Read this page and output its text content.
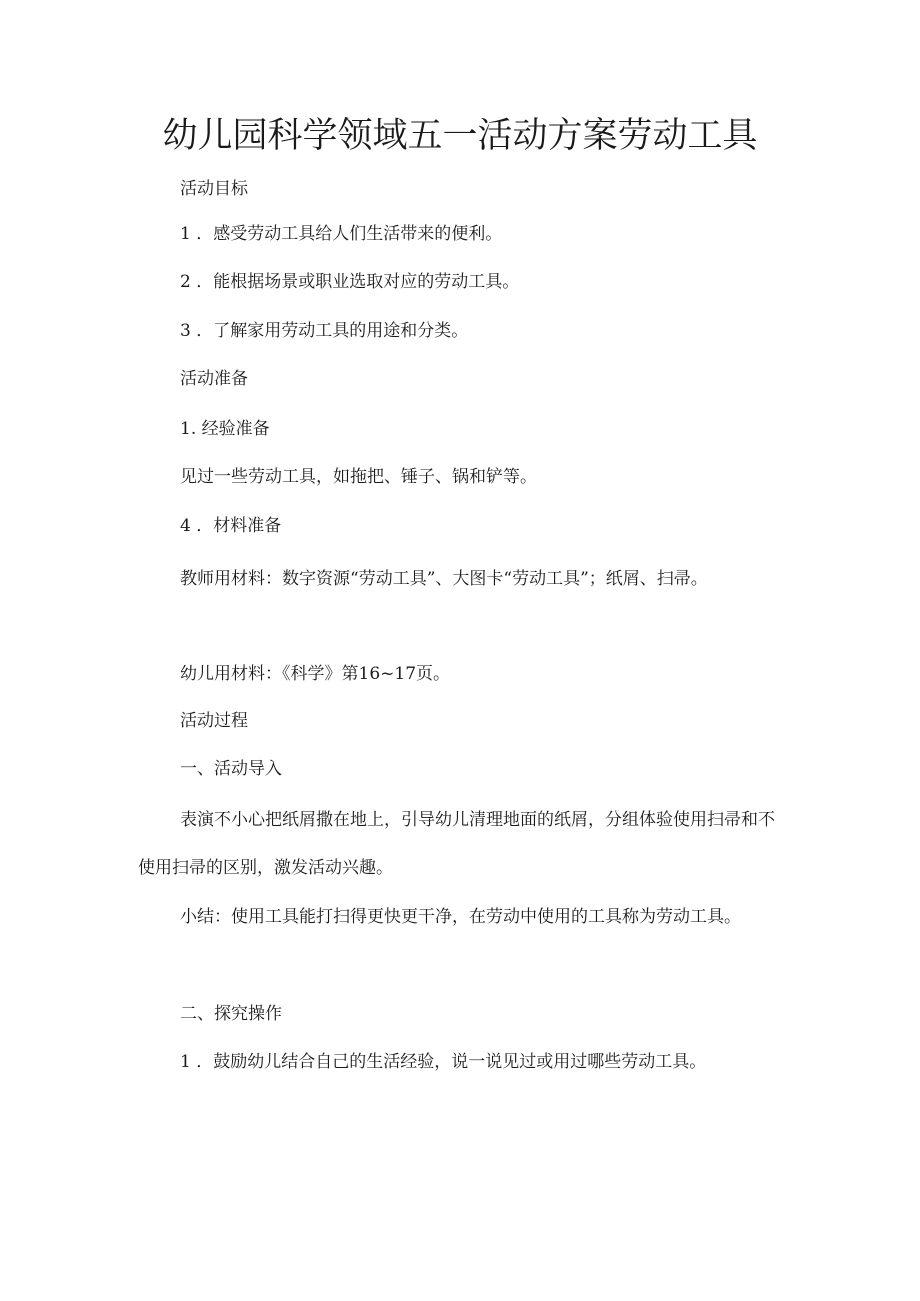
幼儿园科学领域五一活动方案劳动工具
活动目标
1 ．感受劳动工具给人们生活带来的便利。
2 ．能根据场景或职业选取对应的劳动工具。
3 ．了解家用劳动工具的用途和分类。
活动准备
1. 经验准备
见过一些劳动工具，如拖把、锤子、锅和铲等。
4 ．材料准备
教师用材料：数字资源“劳动工具”、大图卡“劳动工具”；纸屑、扫帚。
幼儿用材料：《科学》第16~17页。
活动过程
一、活动导入
表演不小心把纸屑撒在地上，引导幼儿清理地面的纸屑，分组体验使用扫帚和不使用扫帚的区别，激发活动兴趣。
小结：使用工具能打扫得更快更干净，在劳动中使用的工具称为劳动工具。
二、探究操作
1 ．鼓励幼儿结合自己的生活经验，说一说见过或用过哪些劳动工具。
